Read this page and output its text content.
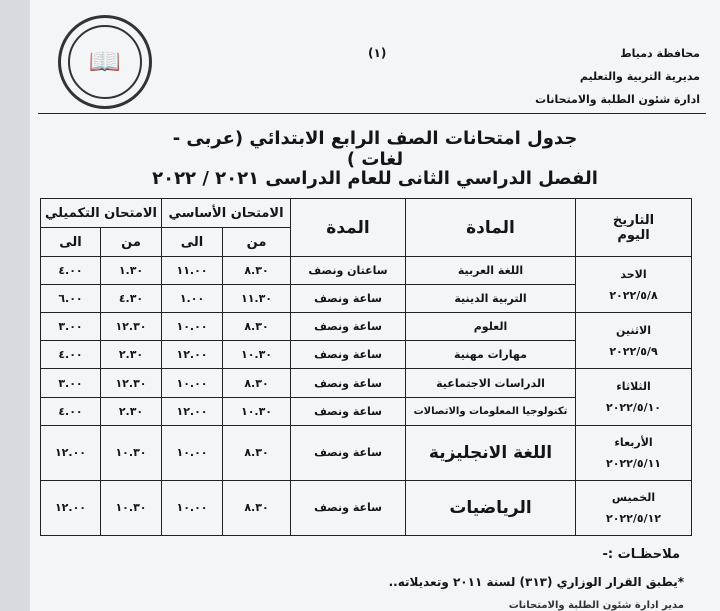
📖	(١)	محافظة دمياط
مديرية التربية والتعليم
ادارة شئون الطلبة والامتحانات
جدول امتحانات الصف الرابع الابتدائي (عربى - لغات )
الفصل الدراسي الثانى للعام الدراسى ٢٠٢١ / ٢٠٢٢
التاريخ
اليوم	المادة	المدة	الامتحان الأساسي		الامتحان التكميلي	
			من	الى	من	الى

الاحد
٢٠٢٢/٥/٨	اللغة العربية	ساعتان ونصف	٨.٣٠	١١.٠٠	١.٣٠	٤.٠٠
	التربية الدينية	ساعة ونصف	١١.٣٠	١.٠٠	٤.٣٠	٦.٠٠

الاثنين
٢٠٢٢/٥/٩	العلوم	ساعة ونصف	٨.٣٠	١٠.٠٠	١٢.٣٠	٣.٠٠
	مهارات مهنية	ساعة ونصف	١٠.٣٠	١٢.٠٠	٢.٣٠	٤.٠٠

الثلاثاء
٢٠٢٢/٥/١٠	الدراسات الاجتماعية	ساعة ونصف	٨.٣٠	١٠.٠٠	١٢.٣٠	٣.٠٠
	تكنولوجيا المعلومات والاتصالات	ساعة ونصف	١٠.٣٠	١٢.٠٠	٢.٣٠	٤.٠٠

الأربعاء
٢٠٢٢/٥/١١	اللغة الانجليزية	ساعة ونصف	٨.٣٠	١٠.٠٠	١٠.٣٠	١٢.٠٠

الخميس
٢٠٢٢/٥/١٢	الرياضيات	ساعة ونصف	٨.٣٠	١٠.٠٠	١٠.٣٠	١٢.٠٠
ملاحظـات :-
*يطبق القرار الوزاري (٣١٣) لسنة ٢٠١١ وتعديلاته..
مدير ادارة شئون الطلبة والامتحانات
